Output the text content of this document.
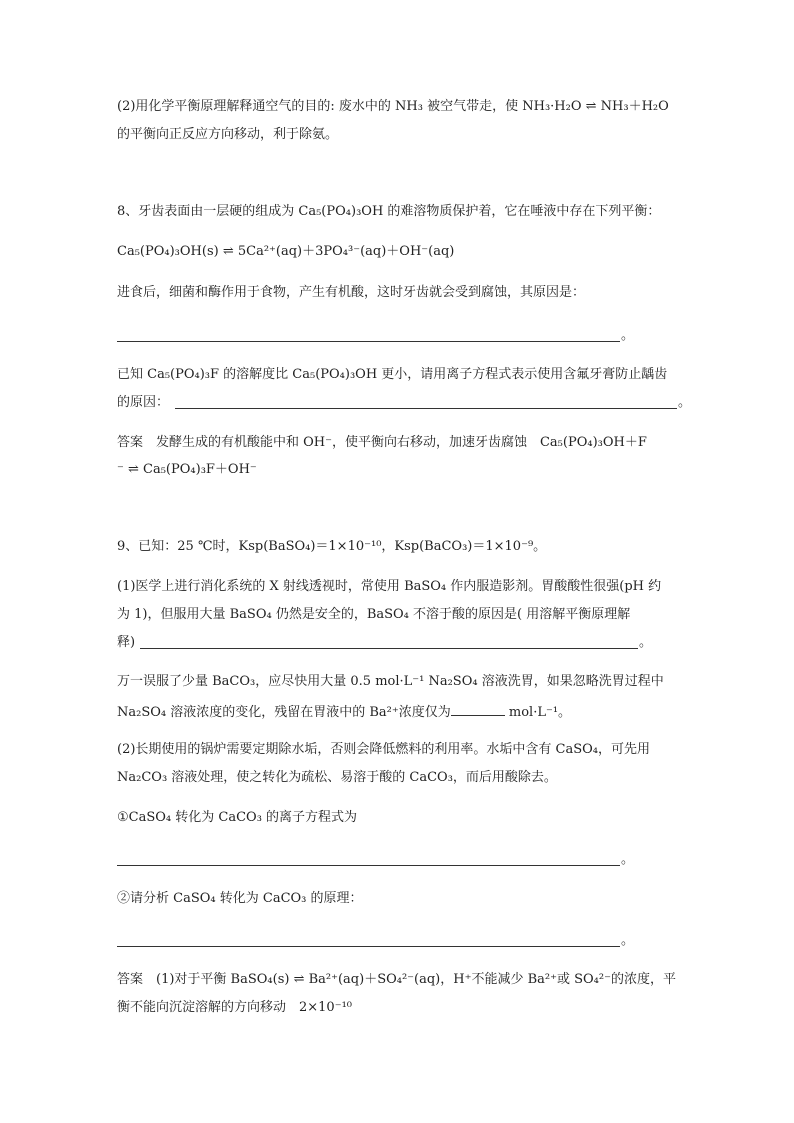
(2)用化学平衡原理解释通空气的目的: 废水中的 NH₃ 被空气带走，使 NH₃·H₂O ⇌ NH₃＋H₂O
的平衡向正反应方向移动，利于除氨。
8、牙齿表面由一层硬的组成为 Ca₅(PO₄)₃OH 的难溶物质保护着，它在唾液中存在下列平衡：
Ca₅(PO₄)₃OH(s) ⇌ 5Ca²⁺(aq)＋3PO₄³⁻(aq)＋OH⁻(aq)
进食后，细菌和酶作用于食物，产生有机酸，这时牙齿就会受到腐蚀，其原因是：
。
已知 Ca₅(PO₄)₃F 的溶解度比 Ca₅(PO₄)₃OH 更小，请用离子方程式表示使用含氟牙膏防止龋齿
的原因：	。
答案　发酵生成的有机酸能中和 OH⁻，使平衡向右移动，加速牙齿腐蚀　Ca₅(PO₄)₃OH＋F
⁻ ⇌ Ca₅(PO₄)₃F＋OH⁻
9、已知：25 ℃时，Ksp(BaSO₄)＝1×10⁻¹⁰，Ksp(BaCO₃)＝1×10⁻⁹。
(1)医学上进行消化系统的 X 射线透视时，常使用 BaSO₄ 作内服造影剂。胃酸酸性很强(pH 约
为 1)，但服用大量 BaSO₄ 仍然是安全的，BaSO₄ 不溶于酸的原因是( 用溶解平衡原理解
释)	。
万一误服了少量 BaCO₃，应尽快用大量 0.5 mol·L⁻¹ Na₂SO₄ 溶液洗胃，如果忽略洗胃过程中
Na₂SO₄ 溶液浓度的变化，残留在胃液中的 Ba²⁺浓度仅为	mol·L⁻¹。
(2)长期使用的锅炉需要定期除水垢，否则会降低燃料的利用率。水垢中含有 CaSO₄，可先用
Na₂CO₃ 溶液处理，使之转化为疏松、易溶于酸的 CaCO₃，而后用酸除去。
①CaSO₄ 转化为 CaCO₃ 的离子方程式为
。
②请分析 CaSO₄ 转化为 CaCO₃ 的原理：
。
答案　(1)对于平衡 BaSO₄(s) ⇌ Ba²⁺(aq)＋SO₄²⁻(aq)，H⁺不能减少 Ba²⁺或 SO₄²⁻的浓度，平
衡不能向沉淀溶解的方向移动　2×10⁻¹⁰
